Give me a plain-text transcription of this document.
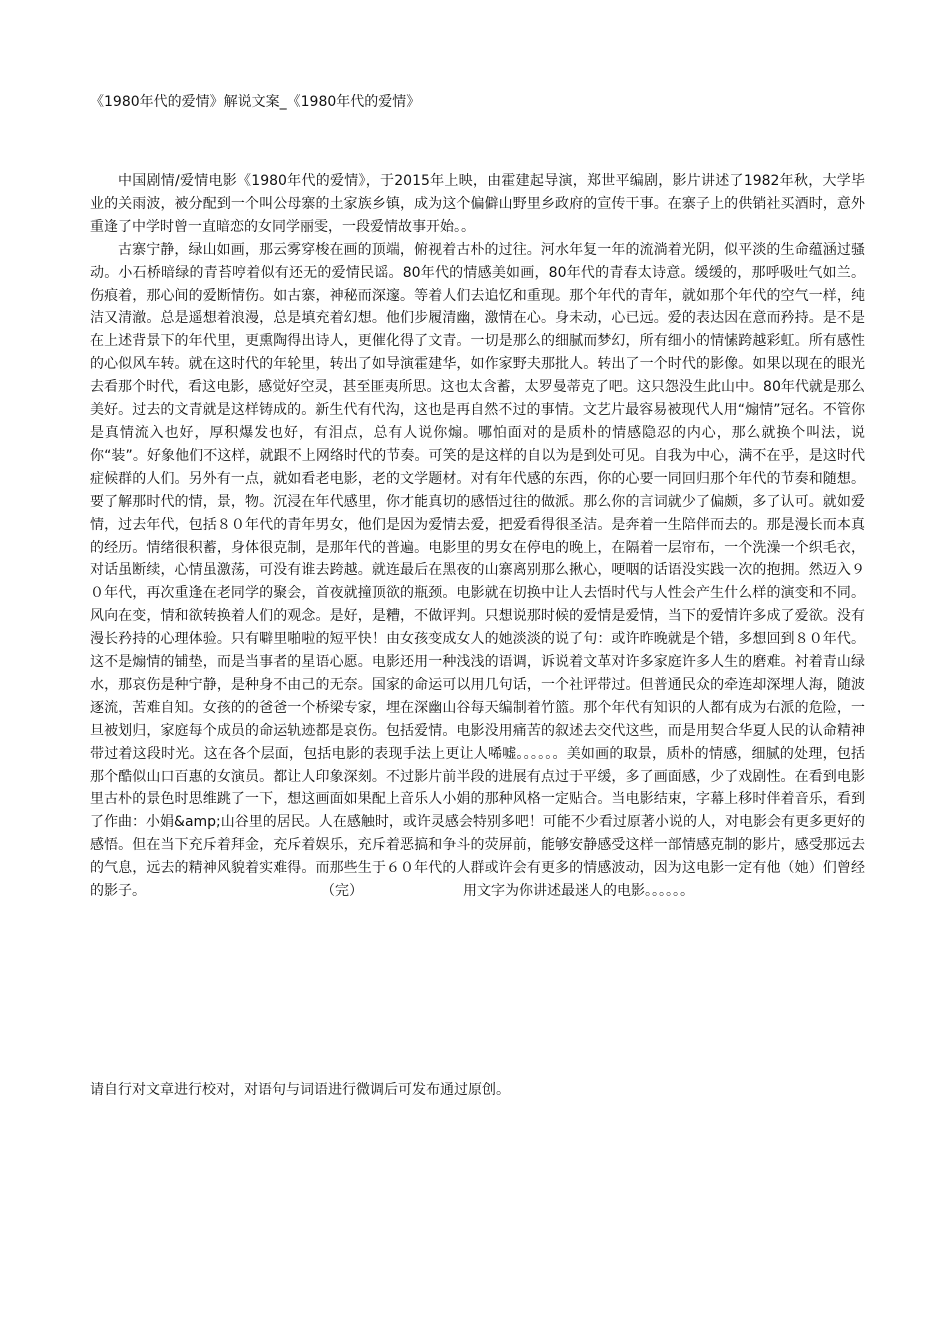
《1980年代的爱情》解说文案_《1980年代的爱情》

中国剧情/爱情电影《1980年代的爱情》，于2015年上映，由霍建起导演，郑世平编剧，影片讲述了1982年秋，大学毕业的关雨波，被分配到一个叫公母寨的土家族乡镇，成为这个偏僻山野里乡政府的宣传干事。在寨子上的供销社买酒时，意外重逢了中学时曾一直暗恋的女同学丽雯，一段爱情故事开始。。

古寨宁静，绿山如画，那云雾穿梭在画的顶端，俯视着古朴的过往。河水年复一年的流淌着光阴，似平淡的生命蕴涵过骚动。小石桥暗绿的青苔哼着似有还无的爱情民谣。80年代的情感美如画，80年代的青春太诗意。缓缓的，那呼吸吐气如兰。伤痕着，那心间的爱断情伤。如古寨，神秘而深邃。等着人们去追忆和重现。那个年代的青年，就如那个年代的空气一样，纯洁又清澈。总是遥想着浪漫，总是填充着幻想。他们步履清幽，激情在心。身未动，心已远。爱的表达因在意而矜持。是不是在上述背景下的年代里，更熏陶得出诗人，更催化得了文青。一切是那么的细腻而梦幻，所有细小的情愫跨越彩虹。所有感性的心似风车转。就在这时代的年轮里，转出了如导演霍建华，如作家野夫那批人。转出了一个时代的影像。如果以现在的眼光去看那个时代，看这电影，感觉好空灵，甚至匪夷所思。这也太含蓄，太罗曼蒂克了吧。这只怨没生此山中。80年代就是那么美好。过去的文青就是这样铸成的。新生代有代沟，这也是再自然不过的事情。文艺片最容易被现代人用“煽情”冠名。不管你是真情流入也好，厚积爆发也好，有泪点，总有人说你煽。哪怕面对的是质朴的情感隐忍的内心，那么就换个叫法，说你“装”。好象他们不这样，就跟不上网络时代的节奏。可笑的是这样的自以为是到处可见。自我为中心，满不在乎，是这时代症候群的人们。另外有一点，就如看老电影，老的文学题材。对有年代感的东西，你的心要一同回归那个年代的节奏和随想。要了解那时代的情，景，物。沉浸在年代感里，你才能真切的感悟过往的做派。那么你的言词就少了偏颇，多了认可。就如爱情，过去年代，包括８０年代的青年男女，他们是因为爱情去爱，把爱看得很圣洁。是奔着一生陪伴而去的。那是漫长而本真的经历。情绪很积蓄，身体很克制，是那年代的普遍。电影里的男女在停电的晚上，在隔着一层帘布，一个洗澡一个织毛衣，对话虽断续，心情虽激荡，可没有谁去跨越。就连最后在黑夜的山寨离别那么揪心，哽咽的话语没实践一次的抱拥。然迈入９０年代，再次重逢在老同学的聚会，首夜就撞顶欲的瓶颈。电影就在切换中让人去悟时代与人性会产生什么样的演变和不同。风向在变，情和欲转换着人们的观念。是好，是糟，不做评判。只想说那时候的爱情是爱情，当下的爱情许多成了爱欲。没有漫长矜持的心理体验。只有噼里啪啦的短平快！由女孩变成女人的她淡淡的说了句：或许昨晚就是个错，多想回到８０年代。这不是煽情的铺垫，而是当事者的星语心愿。电影还用一种浅浅的语调，诉说着文革对许多家庭许多人生的磨难。衬着青山绿水，那哀伤是种宁静，是种身不由己的无奈。国家的命运可以用几句话，一个社评带过。但普通民众的牵连却深埋人海，随波逐流，苦难自知。女孩的的爸爸一个桥梁专家，埋在深幽山谷每天编制着竹篮。那个年代有知识的人都有成为右派的危险，一旦被划归，家庭每个成员的命运轨迹都是哀伤。包括爱情。电影没用痛苦的叙述去交代这些，而是用契合华夏人民的认命精神带过着这段时光。这在各个层面，包括电影的表现手法上更让人唏嘘。。。。。。美如画的取景，质朴的情感，细腻的处理，包括那个酷似山口百惠的女演员。都让人印象深刻。不过影片前半段的进展有点过于平缓，多了画面感，少了戏剧性。在看到电影里古朴的景色时思维跳了一下，想这画面如果配上音乐人小娟的那种风格一定贴合。当电影结束，字幕上移时伴着音乐，看到了作曲：小娟&amp;山谷里的居民。人在感触时，或许灵感会特别多吧！可能不少看过原著小说的人，对电影会有更多更好的感悟。但在当下充斥着拜金，充斥着娱乐，充斥着恶搞和争斗的荧屏前，能够安静感受这样一部情感克制的影片，感受那远去的气息，远去的精神风貌着实难得。而那些生于６０年代的人群或许会有更多的情感波动，因为这电影一定有他（她）们曾经的影子。	（完）	用文字为你讲述最迷人的电影。。。。。。

请自行对文章进行校对，对语句与词语进行微调后可发布通过原创。
